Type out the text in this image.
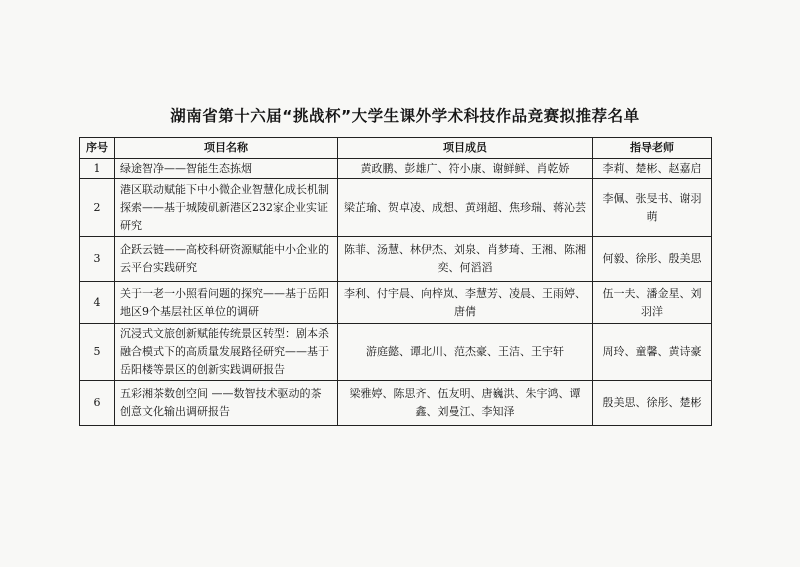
湖南省第十六届“挑战杯”大学生课外学术科技作品竞赛拟推荐名单
序号	项目名称	项目成员	指导老师
1	绿途智净——智能生态拣烟	黄政鹏、彭雄广、符小康、谢鲜鲜、肖乾娇	李莉、楚彬、赵嘉启
2	港区联动赋能下中小微企业智慧化成长机制探索——基于城陵矶新港区232家企业实证研究	梁芷瑜、贺卓凌、成想、黄翊超、焦珍瑞、蒋沁芸	李佩、张旻书、谢羽萌
3	企跃云链——高校科研资源赋能中小企业的云平台实践研究	陈菲、汤慧、林伊杰、刘泉、肖梦琦、王湘、陈湘奕、何滔滔	何毅、徐彤、殷美思
4	关于一老一小照看问题的探究——基于岳阳地区9个基层社区单位的调研	李利、付宇晨、向梓岚、李慧芳、凌晨、王雨婷、唐倩	伍一夫、潘金星、刘羽洋
5	沉浸式文旅创新赋能传统景区转型：剧本杀融合模式下的高质量发展路径研究——基于岳阳楼等景区的创新实践调研报告	游庭懿、谭北川、范杰豪、王洁、王宇轩	周玲、童馨、黄诗豪
6	五彩湘茶数创空间 ——数智技术驱动的茶创意文化输出调研报告	梁雅婷、陈思齐、伍友明、唐巍洪、朱宇鸿、谭鑫、刘曼江、李知泽	殷美思、徐彤、楚彬
